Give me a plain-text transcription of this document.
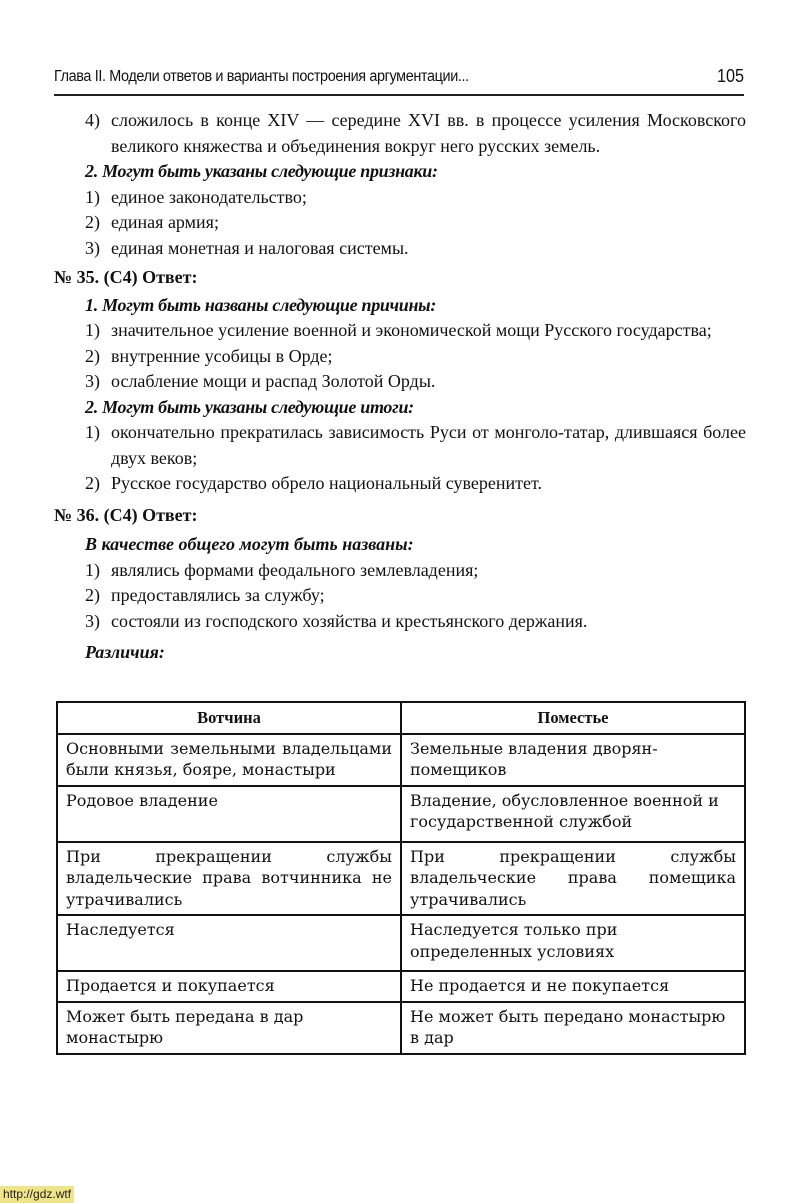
Глава II. Модели ответов и варианты построения аргументации...	105
4) сложилось в конце XIV — середине XVI вв. в процессе усиления Московского великого княжества и объединения вокруг него русских земель.
2. Могут быть указаны следующие признаки:
1) единое законодательство;
2) единая армия;
3) единая монетная и налоговая системы.
№ 35. (С4) Ответ:
1. Могут быть названы следующие причины:
1) значительное усиление военной и экономической мощи Русского государства;
2) внутренние усобицы в Орде;
3) ослабление мощи и распад Золотой Орды.
2. Могут быть указаны следующие итоги:
1) окончательно прекратилась зависимость Руси от монголо-татар, длившаяся более двух веков;
2) Русское государство обрело национальный суверенитет.
№ 36. (С4) Ответ:
В качестве общего могут быть названы:
1) являлись формами феодального землевладения;
2) предоставлялись за службу;
3) состояли из господского хозяйства и крестьянского держания.
Различия:
Вотчина	Поместье
Основными земельными владельцами были князья, бояре, монастыри	Земельные владения дворян-помещиков
Родовое владение	Владение, обусловленное военной и государственной службой
При прекращении службы владельческие права вотчинника не утрачивались	При прекращении службы владельческие права помещика утрачивались
Наследуется	Наследуется только при определенных условиях
Продается и покупается	Не продается и не покупается
Может быть передана в дар монастырю	Не может быть передано монастырю в дар
http://gdz.wtf
